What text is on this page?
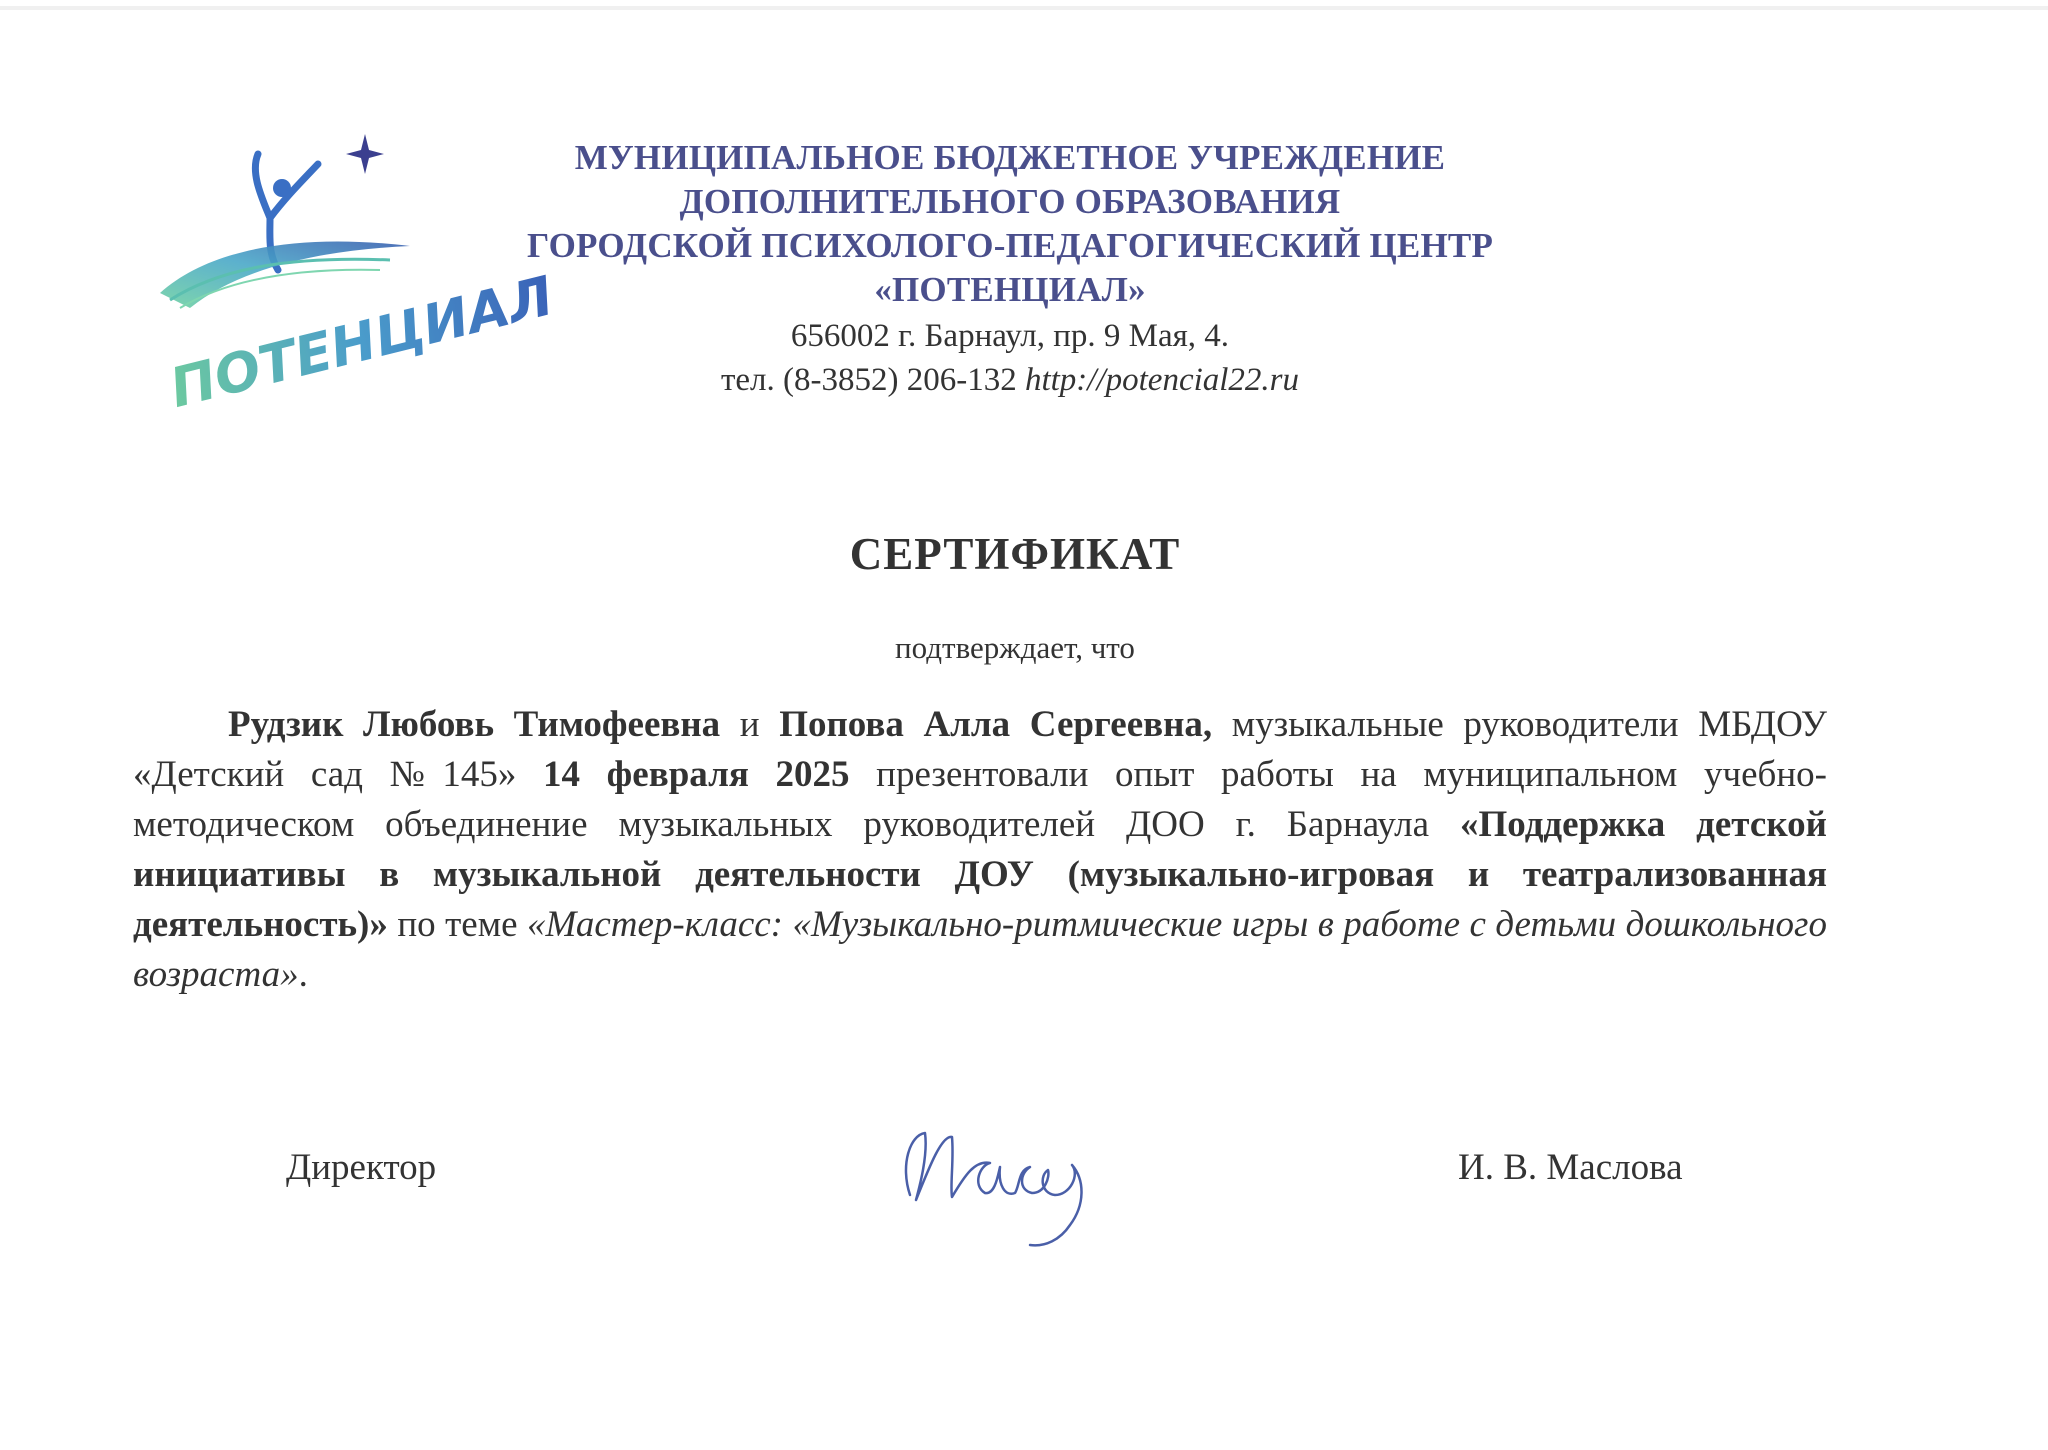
ПОТЕНЦИАЛ
МУНИЦИПАЛЬНОЕ БЮДЖЕТНОЕ УЧРЕЖДЕНИЕ
ДОПОЛНИТЕЛЬНОГО ОБРАЗОВАНИЯ
ГОРОДСКОЙ ПСИХОЛОГО-ПЕДАГОГИЧЕСКИЙ ЦЕНТР
«ПОТЕНЦИАЛ»
656002 г. Барнаул, пр. 9 Мая, 4.
тел. (8-3852) 206-132 http://potencial22.ru
СЕРТИФИКАТ
подтверждает, что
Рудзик Любовь Тимофеевна и Попова Алла Сергеевна, музыкальные руководители МБДОУ «Детский сад №145» 14 февраля 2025 презентовали опыт работы на муниципальном учебно-методическом объединение музыкальных руководителей ДОО г. Барнаула «Поддержка детской инициативы в музыкальной деятельности ДОУ (музыкально-игровая и театрализованная деятельность)» по теме «Мастер-класс: «Музыкально-ритмические игры в работе с детьми дошкольного возраста».
Директор	И. В. Маслова
